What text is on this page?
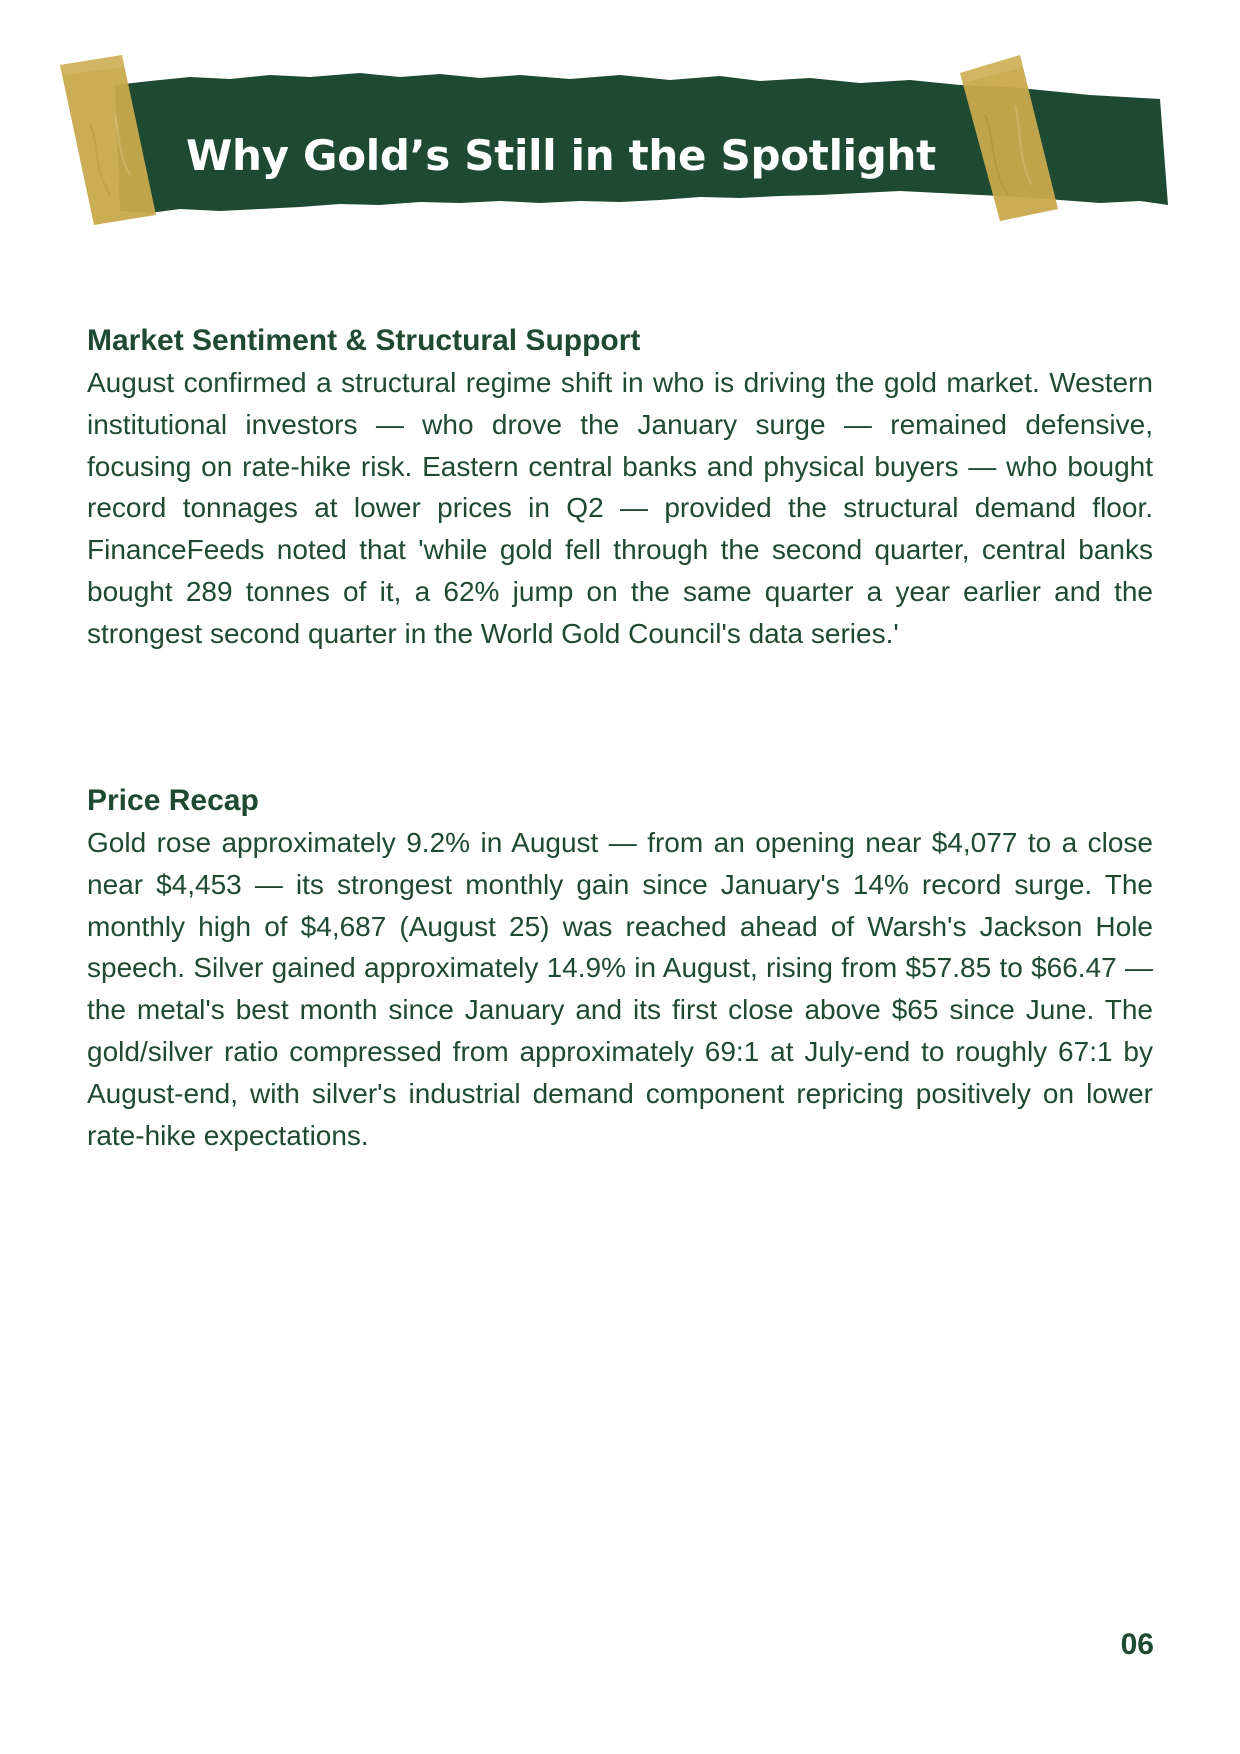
Why Gold’s Still in the Spotlight
Market Sentiment & Structural Support

August confirmed a structural regime shift in who is driving the gold market. Western institutional investors — who drove the January surge — remained defensive, focusing on rate-hike risk. Eastern central banks and physical buyers — who bought record tonnages at lower prices in Q2 — provided the structural demand floor. FinanceFeeds noted that 'while gold fell through the second quarter, central banks bought 289 tonnes of it, a 62% jump on the same quarter a year earlier and the strongest second quarter in the World Gold Council's data series.'

Price Recap

Gold rose approximately 9.2% in August — from an opening near $4,077 to a close near $4,453 — its strongest monthly gain since January's 14% record surge. The monthly high of $4,687 (August 25) was reached ahead of Warsh's Jackson Hole speech. Silver gained approximately 14.9% in August, rising from $57.85 to $66.47 — the metal's best month since January and its first close above $65 since June. The gold/silver ratio compressed from approximately 69:1 at July-end to roughly 67:1 by August-end, with silver's industrial demand component repricing positively on lower rate-hike expectations.

06
